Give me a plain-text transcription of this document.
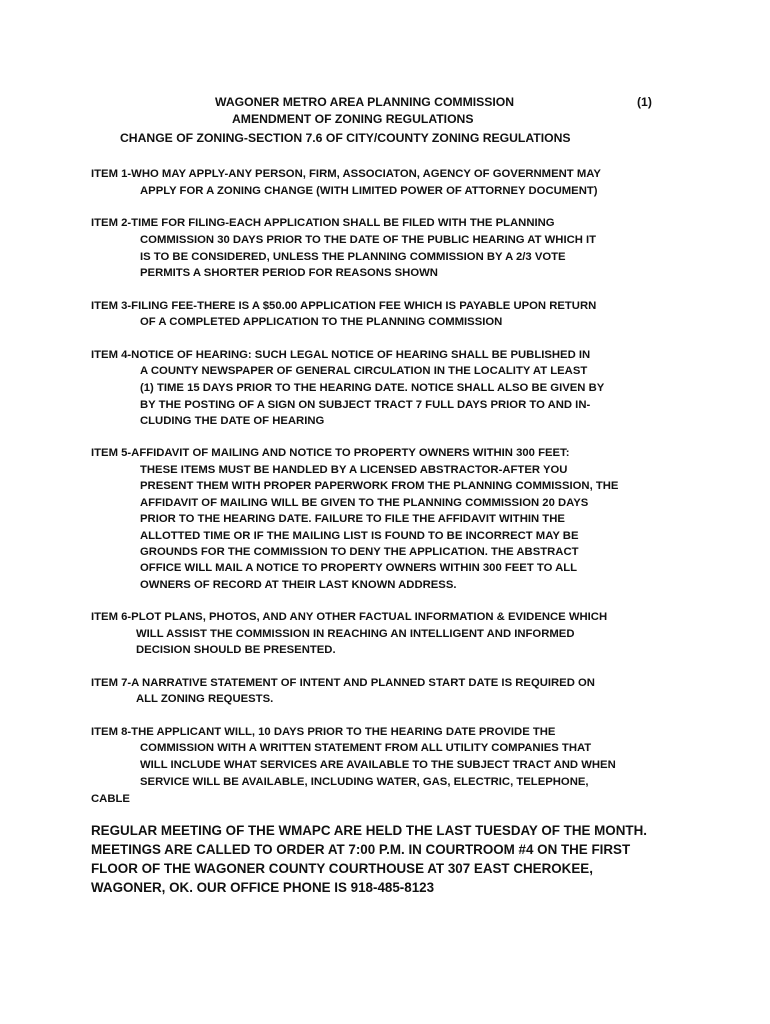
WAGONER METRO AREA PLANNING COMMISSION	(1)
AMENDMENT OF ZONING REGULATIONS
CHANGE OF ZONING-SECTION 7.6 OF CITY/COUNTY ZONING REGULATIONS
ITEM 1-WHO MAY APPLY-ANY PERSON, FIRM, ASSOCIATON, AGENCY OF GOVERNMENT MAY
APPLY FOR A ZONING CHANGE (WITH LIMITED POWER OF ATTORNEY DOCUMENT)
ITEM 2-TIME FOR FILING-EACH APPLICATION SHALL BE FILED WITH THE PLANNING
COMMISSION 30 DAYS PRIOR TO THE DATE OF THE PUBLIC HEARING AT WHICH IT
IS TO BE CONSIDERED, UNLESS THE PLANNING COMMISSION BY A 2/3 VOTE
PERMITS A SHORTER PERIOD FOR REASONS SHOWN
ITEM 3-FILING FEE-THERE IS A $50.00 APPLICATION FEE WHICH IS PAYABLE UPON RETURN
OF A COMPLETED APPLICATION TO THE PLANNING COMMISSION
ITEM 4-NOTICE OF HEARING: SUCH LEGAL NOTICE OF HEARING SHALL BE PUBLISHED IN
A COUNTY NEWSPAPER OF GENERAL CIRCULATION IN THE LOCALITY AT LEAST
(1) TIME 15 DAYS PRIOR TO THE HEARING DATE. NOTICE SHALL ALSO BE GIVEN BY
BY THE POSTING OF A SIGN ON SUBJECT TRACT 7 FULL DAYS PRIOR TO AND IN-
CLUDING THE DATE OF HEARING
ITEM 5-AFFIDAVIT OF MAILING AND NOTICE TO PROPERTY OWNERS WITHIN 300 FEET:
THESE ITEMS MUST BE HANDLED BY A LICENSED ABSTRACTOR-AFTER YOU
PRESENT THEM WITH PROPER PAPERWORK FROM THE PLANNING COMMISSION, THE
AFFIDAVIT OF MAILING WILL BE GIVEN TO THE PLANNING COMMISSION 20 DAYS
PRIOR TO THE HEARING DATE. FAILURE TO FILE THE AFFIDAVIT WITHIN THE
ALLOTTED TIME OR IF THE MAILING LIST IS FOUND TO BE INCORRECT MAY BE
GROUNDS FOR THE COMMISSION TO DENY THE APPLICATION. THE ABSTRACT
OFFICE WILL MAIL A NOTICE TO PROPERTY OWNERS WITHIN 300 FEET TO ALL
OWNERS OF RECORD AT THEIR LAST KNOWN ADDRESS.
ITEM 6-PLOT PLANS, PHOTOS, AND ANY OTHER FACTUAL INFORMATION & EVIDENCE WHICH
WILL ASSIST THE COMMISSION IN REACHING AN INTELLIGENT AND INFORMED
DECISION SHOULD BE PRESENTED.
ITEM 7-A NARRATIVE STATEMENT OF INTENT AND PLANNED START DATE IS REQUIRED ON
ALL ZONING REQUESTS.
ITEM 8-THE APPLICANT WILL, 10 DAYS PRIOR TO THE HEARING DATE PROVIDE THE
COMMISSION WITH A WRITTEN STATEMENT FROM ALL UTILITY COMPANIES THAT
WILL INCLUDE WHAT SERVICES ARE AVAILABLE TO THE SUBJECT TRACT AND WHEN
SERVICE WILL BE AVAILABLE, INCLUDING WATER, GAS, ELECTRIC, TELEPHONE,
CABLE
REGULAR MEETING OF THE WMAPC ARE HELD THE LAST TUESDAY OF THE MONTH.
MEETINGS ARE CALLED TO ORDER AT 7:00 P.M. IN COURTROOM #4 ON THE FIRST
FLOOR OF THE WAGONER COUNTY COURTHOUSE AT 307 EAST CHEROKEE,
WAGONER, OK. OUR OFFICE PHONE IS 918-485-8123
